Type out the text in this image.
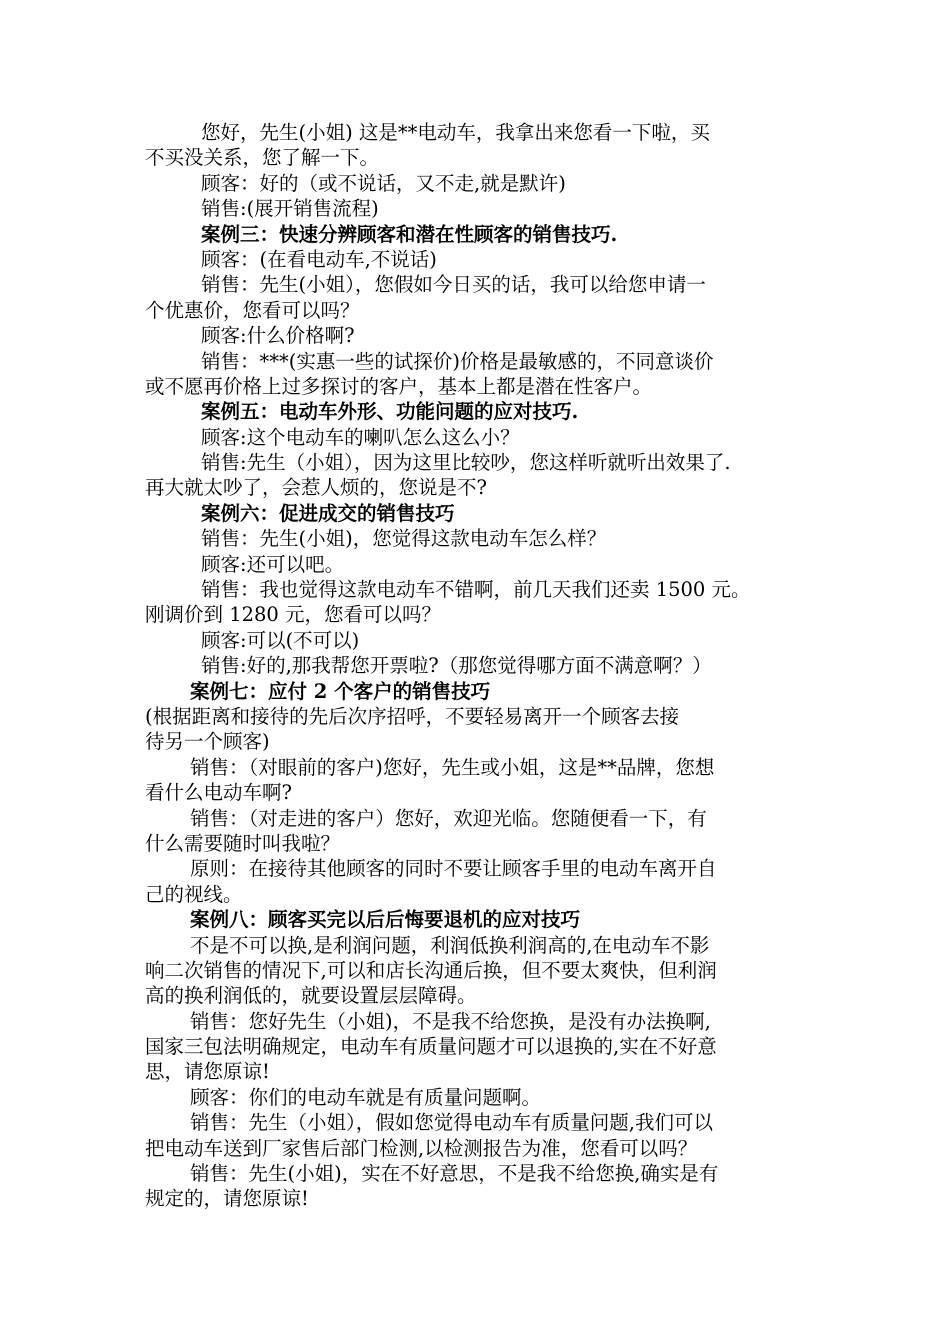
您好，先生(小姐) 这是**电动车，我拿出来您看一下啦，买
不买没关系，您了解一下。
顾客：好的（或不说话，又不走,就是默许)
销售:(展开销售流程)
案例三：快速分辨顾客和潜在性顾客的销售技巧.
顾客：(在看电动车,不说话)
销售：先生(小姐），您假如今日买的话，我可以给您申请一
个优惠价，您看可以吗？
顾客:什么价格啊?
销售：***(实惠一些的试探价)价格是最敏感的，不同意谈价
或不愿再价格上过多探讨的客户，基本上都是潜在性客户。
案例五：电动车外形、功能问题的应对技巧.
顾客:这个电动车的喇叭怎么这么小？
销售:先生（小姐），因为这里比较吵，您这样听就听出效果了.
再大就太吵了，会惹人烦的，您说是不?
案例六：促进成交的销售技巧
销售：先生(小姐)，您觉得这款电动车怎么样？
顾客:还可以吧。
销售：我也觉得这款电动车不错啊，前几天我们还卖 1500 元。
刚调价到 1280 元，您看可以吗？
顾客:可以(不可以)
销售:好的,那我帮您开票啦?（那您觉得哪方面不满意啊？）
案例七：应付 2 个客户的销售技巧
(根据距离和接待的先后次序招呼，不要轻易离开一个顾客去接
待另一个顾客)
销售：（对眼前的客户)您好，先生或小姐，这是**品牌，您想
看什么电动车啊?
销售：（对走进的客户）您好，欢迎光临。您随便看一下，有
什么需要随时叫我啦？
原则：在接待其他顾客的同时不要让顾客手里的电动车离开自
己的视线。
案例八：顾客买完以后后悔要退机的应对技巧
不是不可以换,是利润问题，利润低换利润高的,在电动车不影
响二次销售的情况下,可以和店长沟通后换，但不要太爽快，但利润
高的换利润低的，就要设置层层障碍。
销售：您好先生（小姐)，不是我不给您换，是没有办法换啊,
国家三包法明确规定，电动车有质量问题才可以退换的,实在不好意
思，请您原谅!
顾客：你们的电动车就是有质量问题啊。
销售：先生（小姐），假如您觉得电动车有质量问题,我们可以
把电动车送到厂家售后部门检测,以检测报告为准，您看可以吗？
销售：先生(小姐)，实在不好意思，不是我不给您换,确实是有
规定的，请您原谅!
